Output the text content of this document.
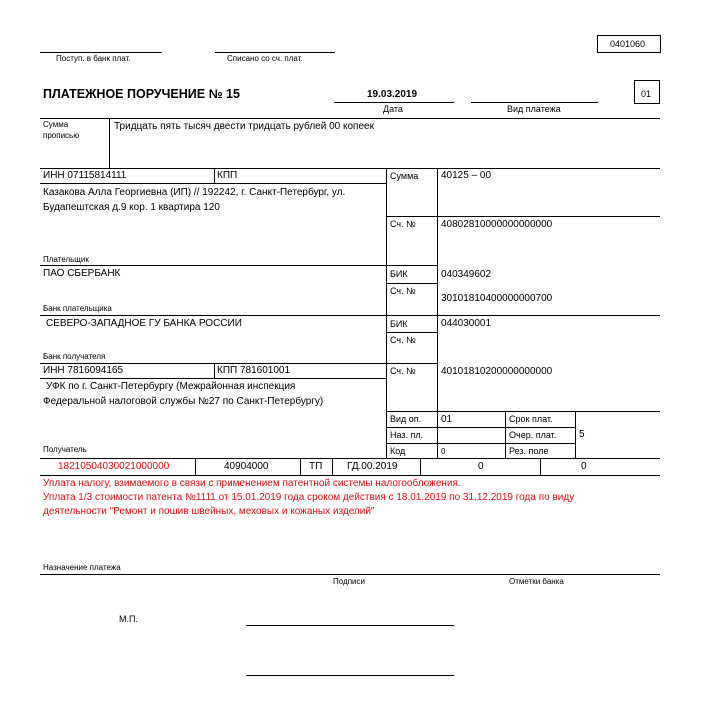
Поступ. в банк плат.	Списано со сч. плат.
0401060
ПЛАТЕЖНОЕ ПОРУЧЕНИЕ № 15	19.03.2019
Дата	Вид платежа
01
Сумма
прописью
Тридцать пять тысяч двести тридцать рублей 00 копеек
ИНН 07115814111	КПП
Казакова Алла Георгиевна (ИП) // 192242, г. Санкт-Петербург, ул.
Будапештская д.9 кор. 1 квартира 120
Плательщик
Сумма 40125 – 00
Сч. №	40802810000000000000
ПАО СБЕРБАНК	БИК	040349602
Сч. №
30101810400000000700
Банк плательщика
СЕВЕРО-ЗАПАДНОЕ ГУ БАНКА РОССИИ	БИК	044030001
Сч. №
Банк получателя
ИНН 7816094165	КПП 781601001	Сч. №	40101810200000000000
УФК по г. Санкт-Петербургу (Межрайонная инспекция
Федеральной налоговой службы №27 по Санкт-Петербургу)
Получатель
Вид оп. 01	Срок плат.
Наз. пл.	Очер. плат. 5
Код	0	Рез. поле
18210504030021000000	40904000	ТП ГД.00.2019	0	0
Уплата налогу, взимаемого в связи с применением патентной системы налогообложения.
Уплата 1/3 стоимости патента №1111 от 15.01.2019 года сроком действия с 18.01.2019 по 31.12.2019 года по виду
деятельности "Ремонт и пошив швейных, меховых и кожаных изделий"
Назначение платежа
Подписи	Отметки банка
М.П.
